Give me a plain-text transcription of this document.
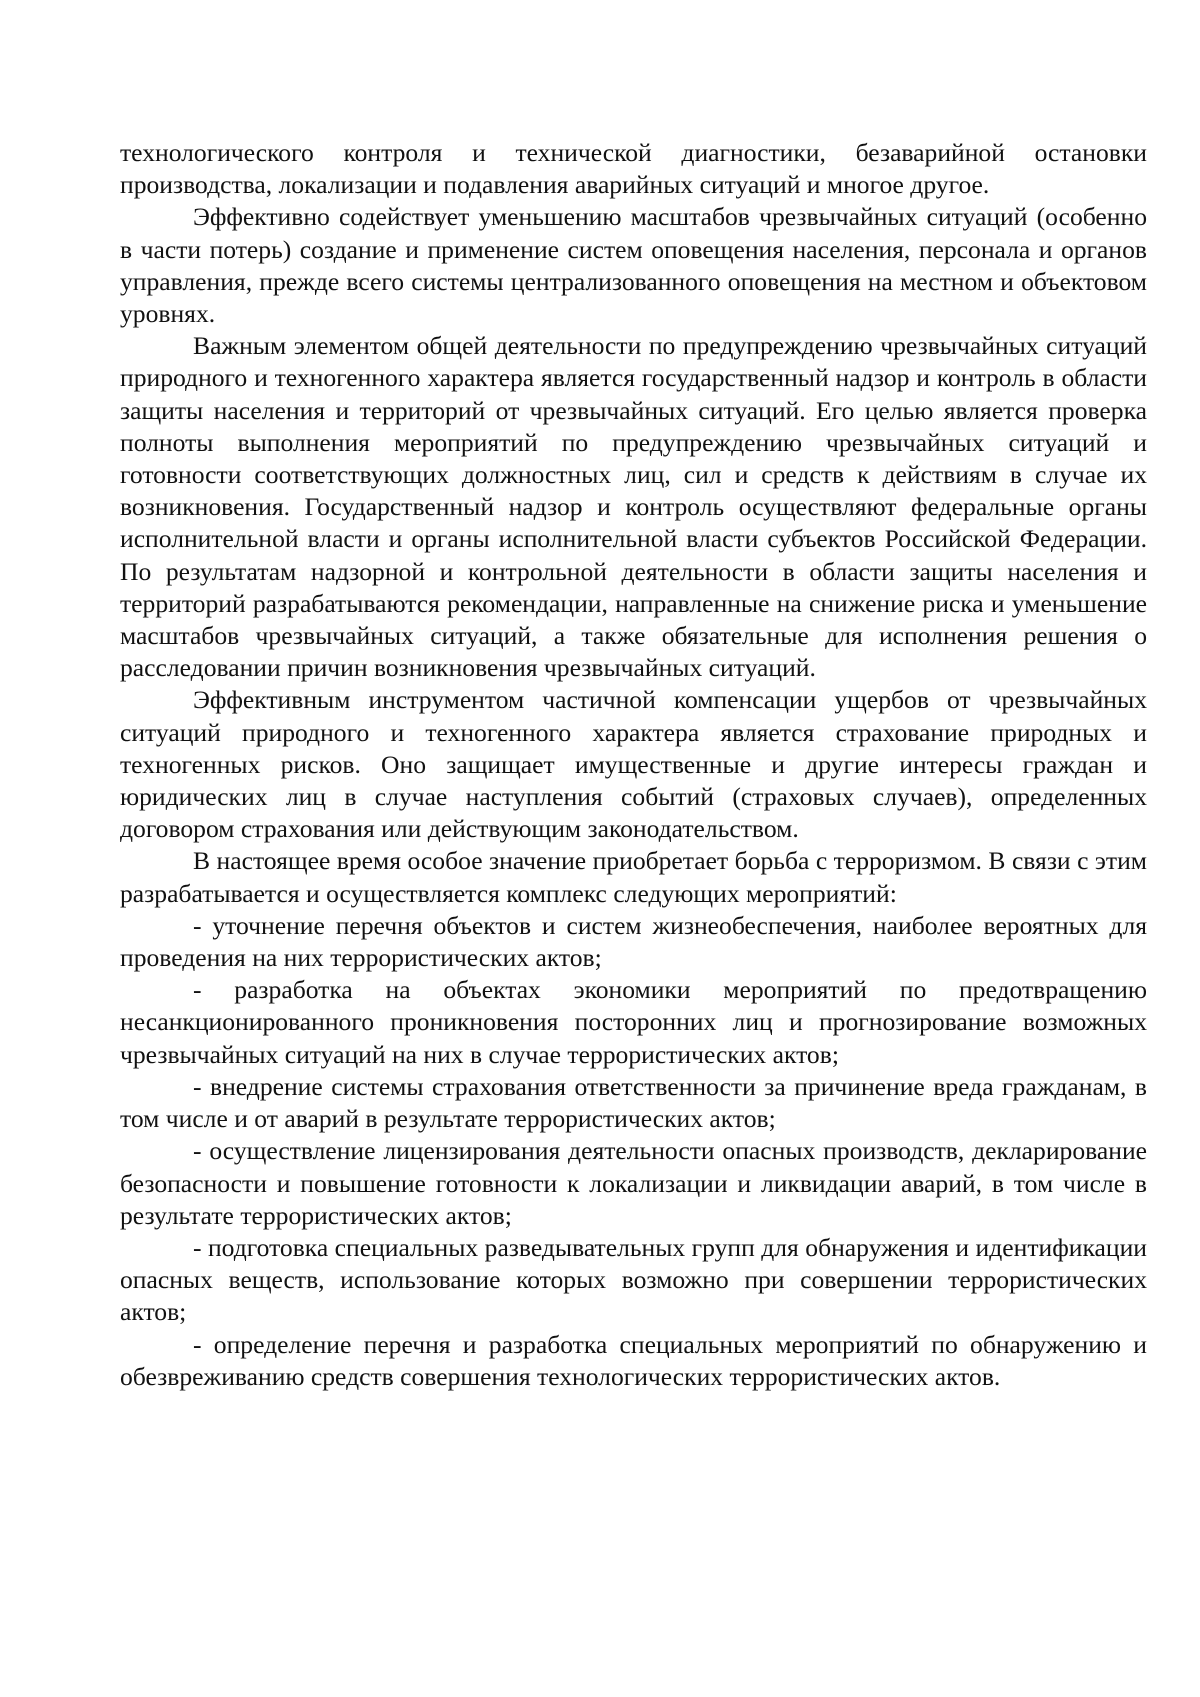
технологического контроля и технической диагностики, безаварийной остановки производства, локализации и подавления аварийных ситуаций и многое другое.

Эффективно содействует уменьшению масштабов чрезвычайных ситуаций (особенно в части потерь) создание и применение систем оповещения населения, персонала и органов управления, прежде всего системы централизованного оповещения на местном и объектовом уровнях.

Важным элементом общей деятельности по предупреждению чрезвычайных ситуаций природного и техногенного характера является государственный надзор и контроль в области защиты населения и территорий от чрезвычайных ситуаций. Его целью является проверка полноты выполнения мероприятий по предупреждению чрезвычайных ситуаций и готовности соответствующих должностных лиц, сил и средств к действиям в случае их возникновения. Государственный надзор и контроль осуществляют федеральные органы исполнительной власти и органы исполнительной власти субъектов Российской Федерации. По результатам надзорной и контрольной деятельности в области защиты населения и территорий разрабатываются рекомендации, направленные на снижение риска и уменьшение масштабов чрезвычайных ситуаций, а также обязательные для исполнения решения о расследовании причин возникновения чрезвычайных ситуаций.

Эффективным инструментом частичной компенсации ущербов от чрезвычайных ситуаций природного и техногенного характера является страхование природных и техногенных рисков. Оно защищает имущественные и другие интересы граждан и юридических лиц в случае наступления событий (страховых случаев), определенных договором страхования или действующим законодательством.

В настоящее время особое значение приобретает борьба с терроризмом. В связи с этим разрабатывается и осуществляется комплекс следующих мероприятий:

- уточнение перечня объектов и систем жизнеобеспечения, наиболее вероятных для проведения на них террористических актов;

- разработка на объектах экономики мероприятий по предотвращению несанкционированного проникновения посторонних лиц и прогнозирование возможных чрезвычайных ситуаций на них в случае террористических актов;

- внедрение системы страхования ответственности за причинение вреда гражданам, в том числе и от аварий в результате террористических актов;

- осуществление лицензирования деятельности опасных производств, декларирование безопасности и повышение готовности к локализации и ликвидации аварий, в том числе в результате террористических актов;

- подготовка специальных разведывательных групп для обнаружения и идентификации опасных веществ, использование которых возможно при совершении террористических актов;

- определение перечня и разработка специальных мероприятий по обнаружению и обезвреживанию средств совершения технологических террористических актов.
